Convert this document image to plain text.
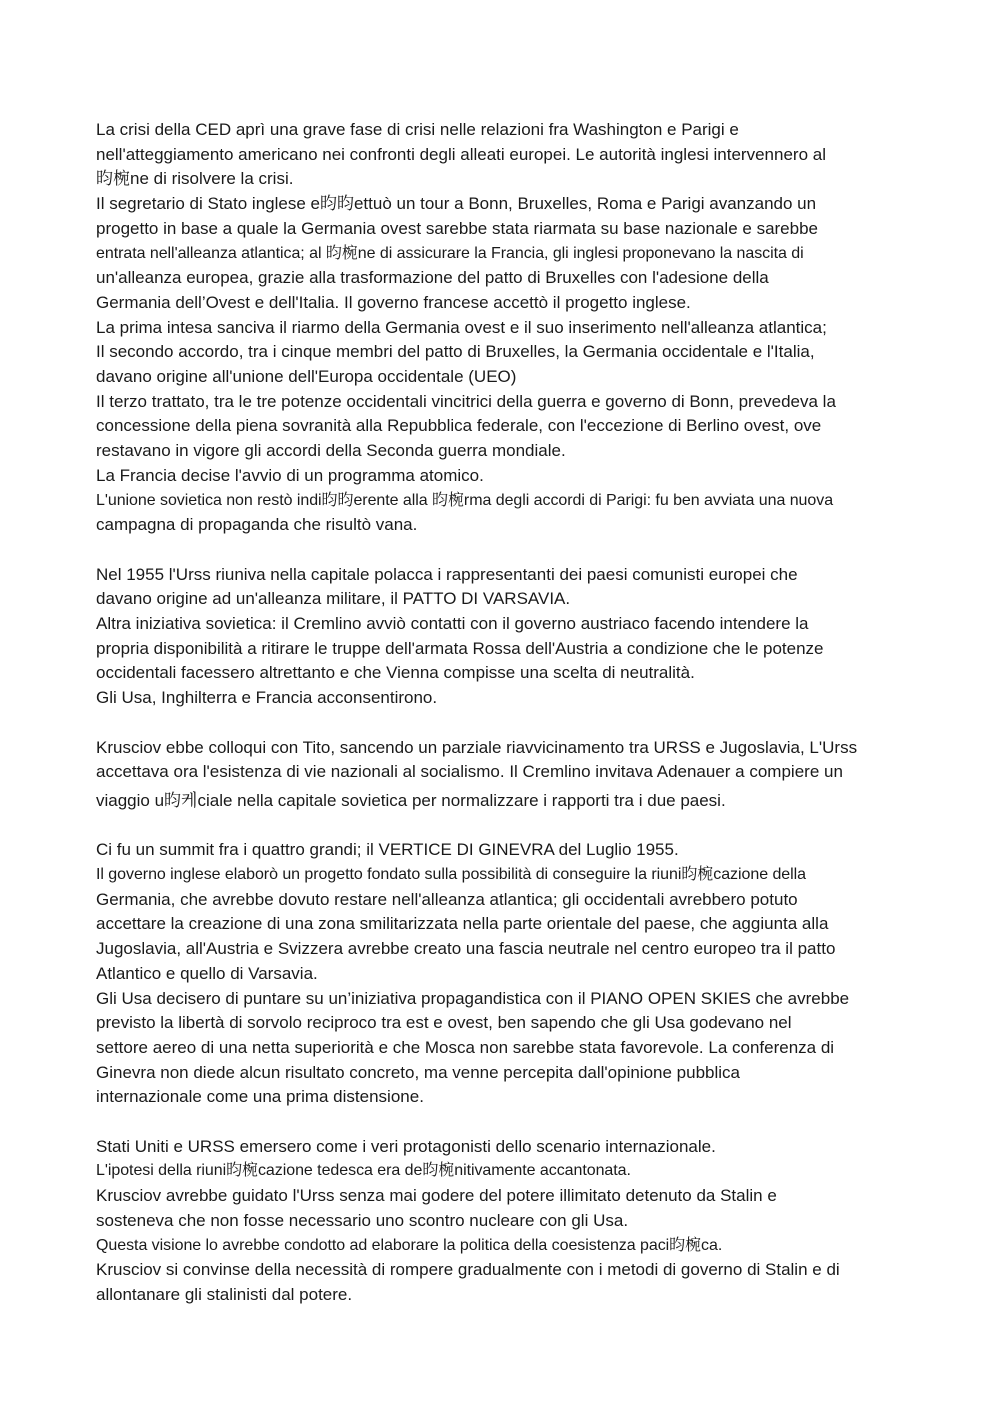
La crisi della CED aprì una grave fase di crisi nelle relazioni fra Washington e Parigi e
nell'atteggiamento americano nei confronti degli alleati europei. Le autorità inglesi intervennero al
昀椀ne di risolvere la crisi.
Il segretario di Stato inglese e昀昀ettuò un tour a Bonn, Bruxelles, Roma e Parigi avanzando un
progetto in base a quale la Germania ovest sarebbe stata riarmata su base nazionale e sarebbe
entrata nell'alleanza atlantica; al 昀椀ne di assicurare la Francia, gli inglesi proponevano la nascita di
un'alleanza europea, grazie alla trasformazione del patto di Bruxelles con l'adesione della
Germania dell’Ovest e dell'Italia. Il governo francese accettò il progetto inglese.
La prima intesa sanciva il riarmo della Germania ovest e il suo inserimento nell'alleanza atlantica;
Il secondo accordo, tra i cinque membri del patto di Bruxelles, la Germania occidentale e l'Italia,
davano origine all'unione dell'Europa occidentale (UEO)
Il terzo trattato, tra le tre potenze occidentali vincitrici della guerra e governo di Bonn, prevedeva la
concessione della piena sovranità alla Repubblica federale, con l'eccezione di Berlino ovest, ove
restavano in vigore gli accordi della Seconda guerra mondiale.
La Francia decise l'avvio di un programma atomico.
L'unione sovietica non restò indi昀昀erente alla 昀椀rma degli accordi di Parigi: fu ben avviata una nuova
campagna di propaganda che risultò vana.
Nel 1955 l'Urss riuniva nella capitale polacca i rappresentanti dei paesi comunisti europei che
davano origine ad un'alleanza militare, il PATTO DI VARSAVIA.
Altra iniziativa sovietica: il Cremlino avviò contatti con il governo austriaco facendo intendere la
propria disponibilità a ritirare le truppe dell'armata Rossa dell'Austria a condizione che le potenze
occidentali facessero altrettanto e che Vienna compisse una scelta di neutralità.
Gli Usa, Inghilterra e Francia acconsentirono.
Krusciov ebbe colloqui con Tito, sancendo un parziale riavvicinamento tra URSS e Jugoslavia, L'Urss
accettava ora l'esistenza di vie nazionali al socialismo. Il Cremlino invitava Adenauer a compiere un
viaggio u昀케ciale nella capitale sovietica per normalizzare i rapporti tra i due paesi.
Ci fu un summit fra i quattro grandi; il VERTICE DI GINEVRA del Luglio 1955.
Il governo inglese elaborò un progetto fondato sulla possibilità di conseguire la riuni昀椀cazione della
Germania, che avrebbe dovuto restare nell'alleanza atlantica; gli occidentali avrebbero potuto
accettare la creazione di una zona smilitarizzata nella parte orientale del paese, che aggiunta alla
Jugoslavia, all'Austria e Svizzera avrebbe creato una fascia neutrale nel centro europeo tra il patto
Atlantico e quello di Varsavia.
Gli Usa decisero di puntare su un’iniziativa propagandistica con il PIANO OPEN SKIES che avrebbe
previsto la libertà di sorvolo reciproco tra est e ovest, ben sapendo che gli Usa godevano nel
settore aereo di una netta superiorità e che Mosca non sarebbe stata favorevole. La conferenza di
Ginevra non diede alcun risultato concreto, ma venne percepita dall'opinione pubblica
internazionale come una prima distensione.
Stati Uniti e URSS emersero come i veri protagonisti dello scenario internazionale.
L'ipotesi della riuni昀椀cazione tedesca era de昀椀nitivamente accantonata.
Krusciov avrebbe guidato l'Urss senza mai godere del potere illimitato detenuto da Stalin e
sosteneva che non fosse necessario uno scontro nucleare con gli Usa.
Questa visione lo avrebbe condotto ad elaborare la politica della coesistenza paci昀椀ca.
Krusciov si convinse della necessità di rompere gradualmente con i metodi di governo di Stalin e di
allontanare gli stalinisti dal potere.
